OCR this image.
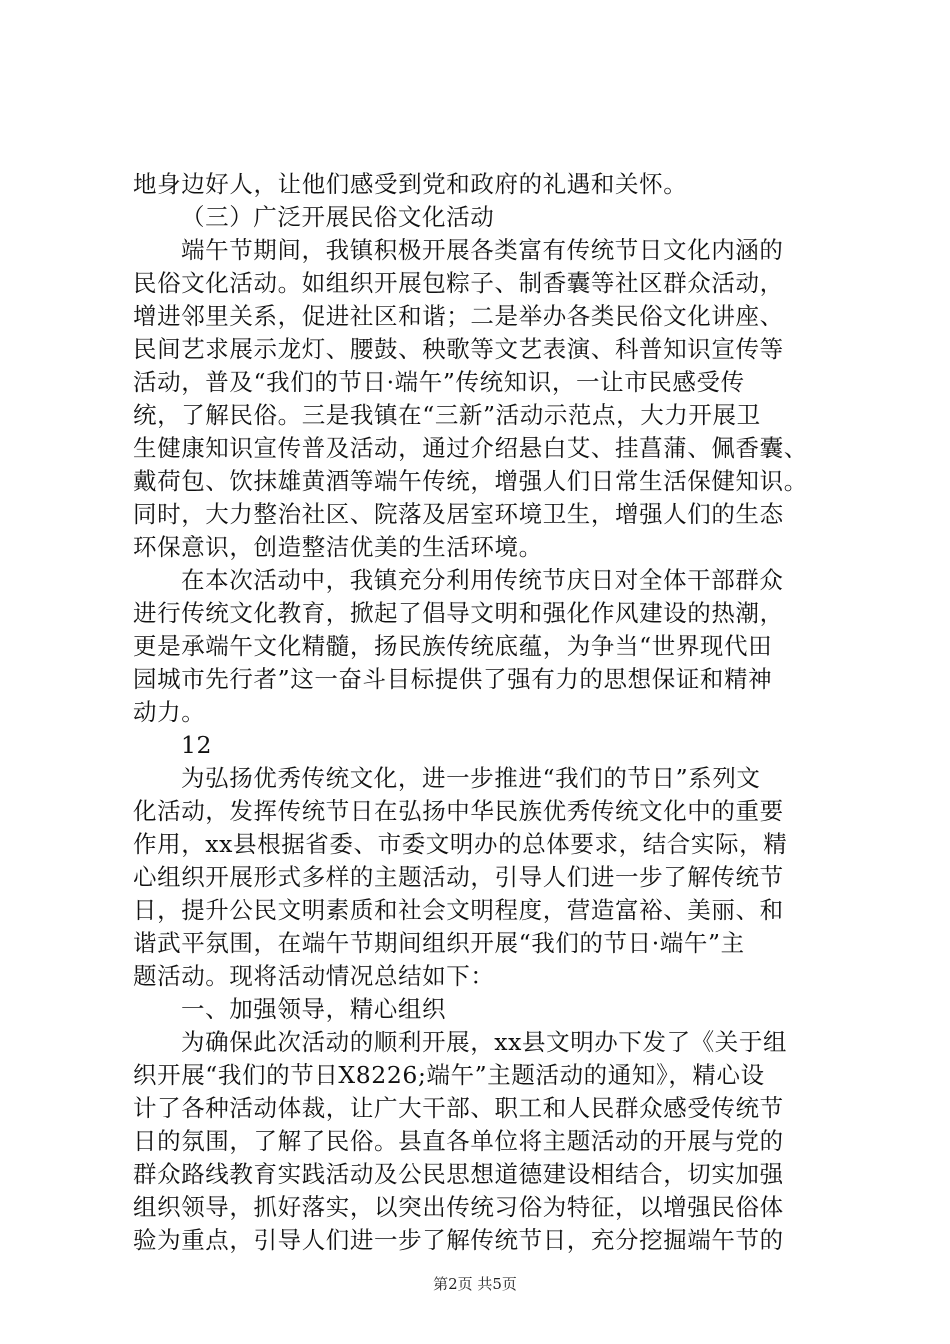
地身边好人，让他们感受到党和政府的礼遇和关怀。
（三）广泛开展民俗文化活动
端午节期间，我镇积极开展各类富有传统节日文化内涵的
民俗文化活动。如组织开展包粽子、制香囊等社区群众活动，
增进邻里关系，促进社区和谐；二是举办各类民俗文化讲座、
民间艺求展示龙灯、腰鼓、秧歌等文艺表演、科普知识宣传等
活动，普及“我们的节日·端午”传统知识，一让市民感受传
统，了解民俗。三是我镇在“三新”活动示范点，大力开展卫
生健康知识宣传普及活动，通过介绍悬白艾、挂菖蒲、佩香囊、
戴荷包、饮抹雄黄酒等端午传统，增强人们日常生活保健知识。
同时，大力整治社区、院落及居室环境卫生，增强人们的生态
环保意识，创造整洁优美的生活环境。
在本次活动中，我镇充分利用传统节庆日对全体干部群众
进行传统文化教育，掀起了倡导文明和强化作风建设的热潮，
更是承端午文化精髓，扬民族传统底蕴，为争当“世界现代田
园城市先行者”这一奋斗目标提供了强有力的思想保证和精神
动力。
12
为弘扬优秀传统文化，进一步推进“我们的节日”系列文
化活动，发挥传统节日在弘扬中华民族优秀传统文化中的重要
作用，xx县根据省委、市委文明办的总体要求，结合实际，精
心组织开展形式多样的主题活动，引导人们进一步了解传统节
日，提升公民文明素质和社会文明程度，营造富裕、美丽、和
谐武平氛围，在端午节期间组织开展“我们的节日·端午”主
题活动。现将活动情况总结如下：
一、加强领导，精心组织
为确保此次活动的顺利开展，xx县文明办下发了《关于组
织开展“我们的节日X8226;端午”主题活动的通知》，精心设
计了各种活动体裁，让广大干部、职工和人民群众感受传统节
日的氛围，了解了民俗。县直各单位将主题活动的开展与党的
群众路线教育实践活动及公民思想道德建设相结合，切实加强
组织领导，抓好落实，以突出传统习俗为特征，以增强民俗体
验为重点，引导人们进一步了解传统节日，充分挖掘端午节的
第2页 共5页
